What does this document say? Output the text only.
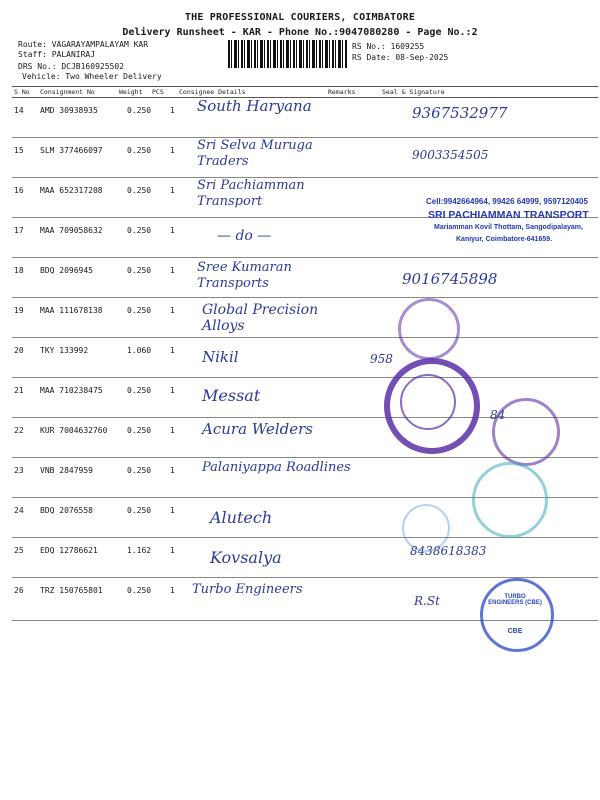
THE PROFESSIONAL COURIERS, COIMBATORE
Delivery Runsheet - KAR - Phone No.:9047080280 - Page No.:2
Route: VAGARAYAMPALAYAM KAR
Staff: PALANIRAJ
DRS No.: DCJB160925502
Vehicle: Two Wheeler Delivery
RS No.: 1609255
RS Date: 08-Sep-2025
S No Consignment No	Weight PCS Consignee Details	Remarks	Seal & Signature
14 AMD 30938935	0.250 1 South Haryana	9367532977
15 SLM 377466097	0.250 1 Sri Selva Muruga Traders	9003354505
16 MAA 652317208	0.250 1 Sri Pachiamman Transport
17 MAA 709058632	0.250 1	— do —
18 BDQ 2096945	0.250 1 Sree Kumaran Transports	9016745898
19 MAA 111678138	0.250 1 Global Precision Alloys
20 TKY 133992	1.060 1 Nikil	958
21 MAA 710238475	0.250 1 Messat
22 KUR 7004632760 0.250 1 Acura Welders
84
23 VNB 2847959	0.250 1 Palaniyappa Roadlines
24 BDQ 2076558	0.250 1 Alutech
25 EDQ 12786621	1.162 1 Kovsalya	8438618383
26 TRZ 150765801	0.250 1 Turbo Engineers
R.St
Cell:9942664964, 99426 64999, 9597120405
SRI PACHIAMMAN TRANSPORT
Mariamman Kovil Thottam, Sangodipalayam,
Kaniyur, Coimbatore-641659.
TURBO ENGINEERS (CBE)
CBE
